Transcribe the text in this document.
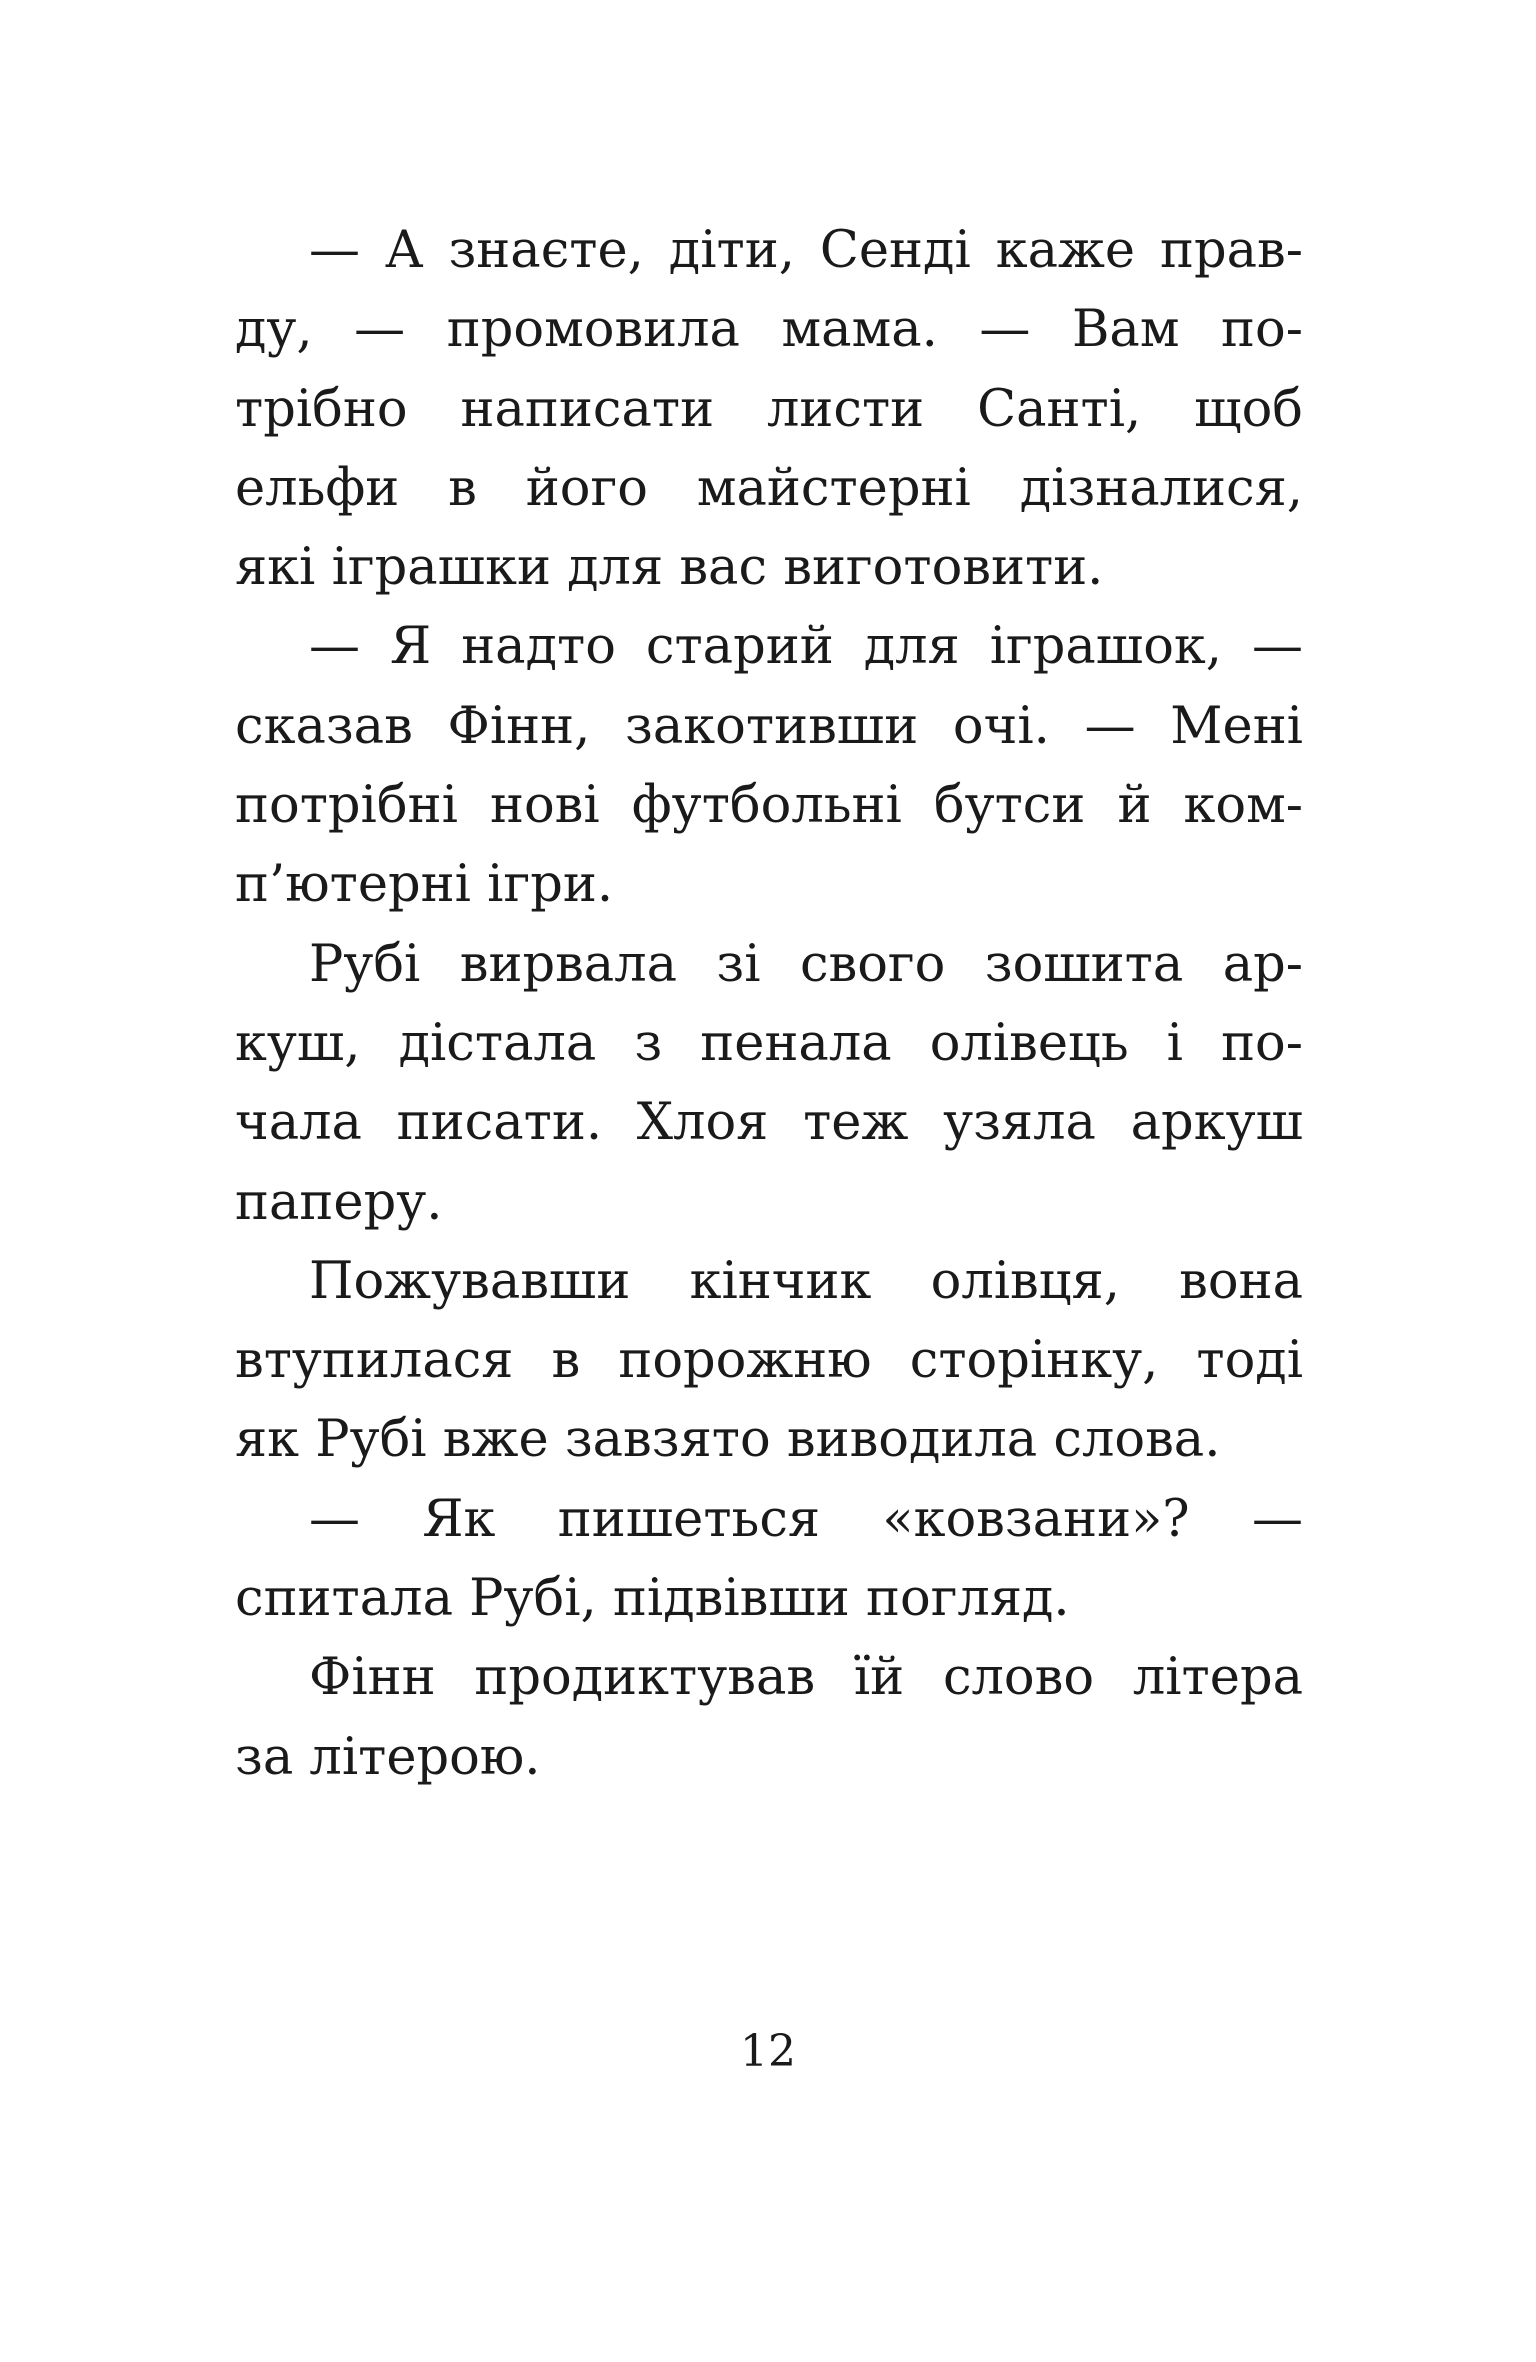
— А знаєте, діти, Сенді каже прав-
ду, — промовила мама. — Вам по-
трібно написати листи Санті, щоб
ельфи в його майстерні дізналися,
які іграшки для вас виготовити.
— Я надто старий для іграшок, —
сказав Фінн, закотивши очі. — Мені
потрібні нові футбольні бутси й ком-
п’ютерні ігри.
Рубі вирвала зі свого зошита ар-
куш, дістала з пенала олівець і по-
чала писати. Хлоя теж узяла аркуш
паперу.
Пожувавши кінчик олівця, вона
втупилася в порожню сторінку, тоді
як Рубі вже завзято виводила слова.
— Як пишеться «ковзани»? —
спитала Рубі, підвівши погляд.
Фінн продиктував їй слово літера
за літерою.
12
